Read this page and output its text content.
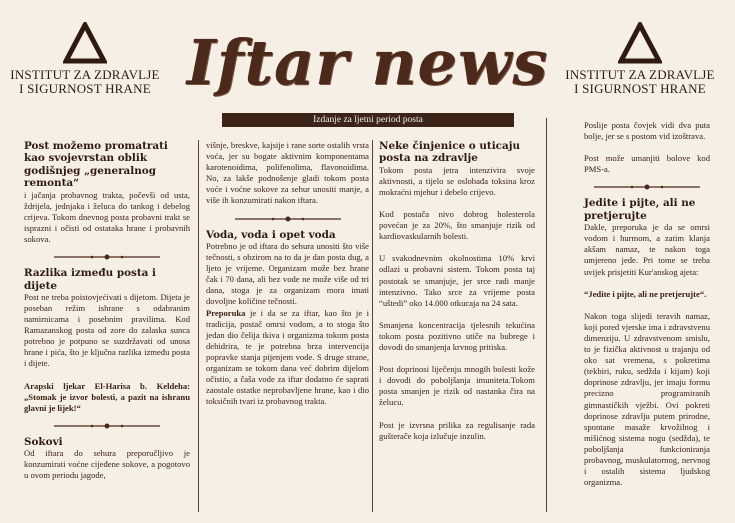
INSTITUT ZA ZDRAVLJE
I SIGURNOST HRANE Iftar news
Izdanje za ljetni period posta
INSTITUT ZA ZDRAVLJE
I SIGURNOST HRANE
Post možemo promatrati kao svojevrstan oblik godišnjeg „generalnog remonta“

i jačanja probavnog trakta, počevši od usta, ždrijela, jednjaka i želuca do tankog i debelog crijeva. Tokom dnevnog posta probavni trakt se isprazni i očisti od ostataka hrane i probavnih sokova.

Razlika između posta i dijete

Post ne treba poistovjećivati s dijetom. Dijeta je poseban režim ishrane s odabranim namirnicama i posebnim pravilima. Kod Ramazanskog posta od zore do zalaska sunca potrebno je potpuno se suzdržavati od unosa hrane i pića, što je ključna razlika između posta i dijete.

Arapski ljekar El-Harisa b. Keldeha: „Stomak je izvor bolesti, a pazit na ishranu glavni je lijek!“

Sokovi

Od iftara do sehura preporučljivo je konzumirati voćne cijeđene sokove, a pogotovo u ovom periodu jagode,

višnje, breskve, kajsije i rane sorte ostalih vrsta voća, jer su bogate aktivnim komponentama karotenoidima, polifenolima, flavonoidima. No, za lakše podnošenje gladi tokom posta voće i voćne sokove za sehur unositi manje, a više ih konzumirati nakon iftara.

Voda, voda i opet voda

Potrebno je od iftara do sehura unositi što više tečnosti, s obzirom na to da je dan posta dug, a ljeto je vrijeme. Organizam može bez hrane čak i 70 dana, ali bez vode ne može više od tri dana, stoga je za organizam mora imati dovoljne količine tečnosti.

Preporuka je i da se za iftar, kao što je i tradicija, postač omrsi vodom, a to stoga što jedan dio čelija tkiva i organizma tokom posta dehidrira, te je potrebna brza intervencija popravke stanja pijenjem vode. S druge strane, organizam se tokom dana već dobrim dijelom očistio, a čaša vode za iftar dodatno će saprati zaostale ostatke neprobavljene hrane, kao i dio toksičnih tvari iz probavnog trakta.

Neke činjenice o uticaju posta na zdravlje

Tokom posta jetra intenzivira svoje aktivnosti, a tijelo se oslobađa toksina kroz mokraćni mjehur i debelo crijevo.

Kod postača nivo dobrog holesterola povećan je za 20%, što smanjuje rizik od kardiovaskularnih bolesti.

U svakodnevnim okolnostima 10% krvi odlazi u probavni sistem. Tokom posta taj postotak se smanjuje, jer srce radi manje intenzivno. Tako srce za vrijeme posta “uštedi” oko 14.000 otkucaja na 24 sata.

Smanjena koncentracija tjelesnih tekućina tokom posta pozitivno utiče na bubrege i dovodi do smanjenja krvnog pritiska.

Post doprinosi liječenju mnogih bolesti kože i dovodi do poboljšanja imuniteta.Tokom posta smanjen je rizik od nastanka čira na želucu.

Post je izvrsna prilika za regulisanje rada gušterače koja izlučuje inzulin.

Poslije posta čovjek vidi dva puta bolje, jer se s postom vid izoštrava.

Post može umanjiti bolove kod PMS-a.

Jedite i pijte, ali ne pretjerujte

Dakle, preporuka je da se omrsi vodom i hurmom, a zatim klanja akšam namaz, te nakon toga umjereno jede. Pri tome se treba uvijek prisjetiti Kur'anskog ajeta:

“Jedite i pijte, ali ne pretjerujte“.

Nakon toga slijedi teravih namaz, koji pored vjerske ima i zdravstvenu dimenziju. U zdravstvenom smislu, to je fizička aktivnost u trajanju od oko sat vremena, s pokretima (tekbiri, ruku, sedžda i kijam) koji doprinose zdravlju, jer imaju formu precizno programiranih gimnastičkih vježbi. Ovi pokreti doprinose zdravlju putem prirodne, spontane masaže krvožilnog i mišićnog sistema nogu (sedžda), te poboljšanja funkcioniranja probavnog, muskulatornog, nervnog i ostalih sistema ljudskog organizma.
